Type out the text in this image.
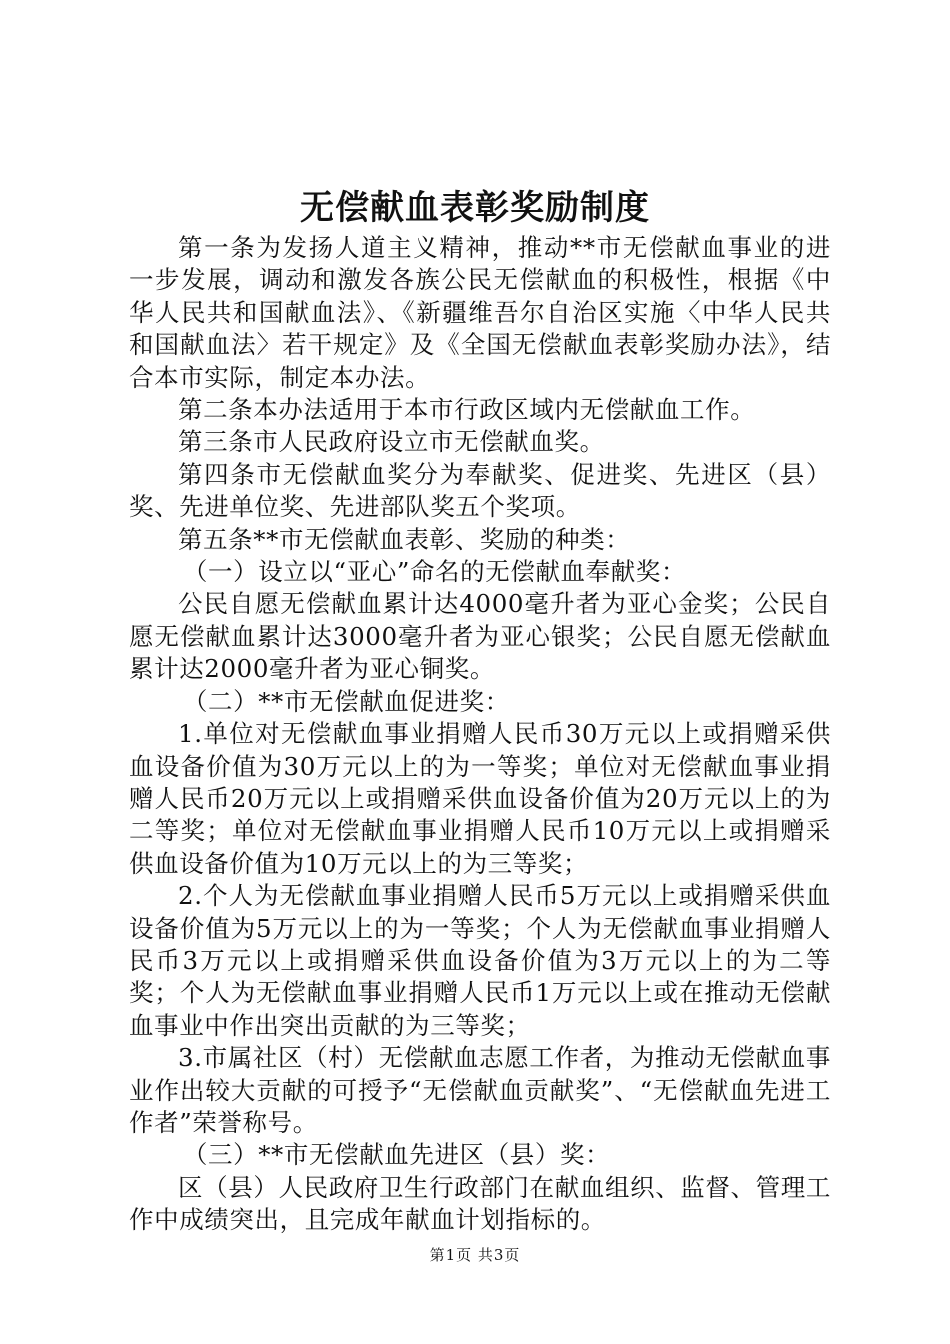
无偿献血表彰奖励制度

第一条为发扬人道主义精神，推动**市无偿献血事业的进一步发展，调动和激发各族公民无偿献血的积极性，根据《中华人民共和国献血法》、《新疆维吾尔自治区实施〈中华人民共和国献血法〉若干规定》及《全国无偿献血表彰奖励办法》，结合本市实际，制定本办法。

第二条本办法适用于本市行政区域内无偿献血工作。

第三条市人民政府设立市无偿献血奖。

第四条市无偿献血奖分为奉献奖、促进奖、先进区（县）奖、先进单位奖、先进部队奖五个奖项。

第五条**市无偿献血表彰、奖励的种类：

（一）设立以“亚心”命名的无偿献血奉献奖：

公民自愿无偿献血累计达4000毫升者为亚心金奖；公民自愿无偿献血累计达3000毫升者为亚心银奖；公民自愿无偿献血累计达2000毫升者为亚心铜奖。

（二）**市无偿献血促进奖：

1.单位对无偿献血事业捐赠人民币30万元以上或捐赠采供血设备价值为30万元以上的为一等奖；单位对无偿献血事业捐赠人民币20万元以上或捐赠采供血设备价值为20万元以上的为二等奖；单位对无偿献血事业捐赠人民币10万元以上或捐赠采供血设备价值为10万元以上的为三等奖；

2.个人为无偿献血事业捐赠人民币5万元以上或捐赠采供血设备价值为5万元以上的为一等奖；个人为无偿献血事业捐赠人民币3万元以上或捐赠采供血设备价值为3万元以上的为二等奖；个人为无偿献血事业捐赠人民币1万元以上或在推动无偿献血事业中作出突出贡献的为三等奖；

3.市属社区（村）无偿献血志愿工作者，为推动无偿献血事业作出较大贡献的可授予“无偿献血贡献奖”、“无偿献血先进工作者”荣誉称号。

（三）**市无偿献血先进区（县）奖：

区（县）人民政府卫生行政部门在献血组织、监督、管理工作中成绩突出，且完成年献血计划指标的。

第1页 共3页
